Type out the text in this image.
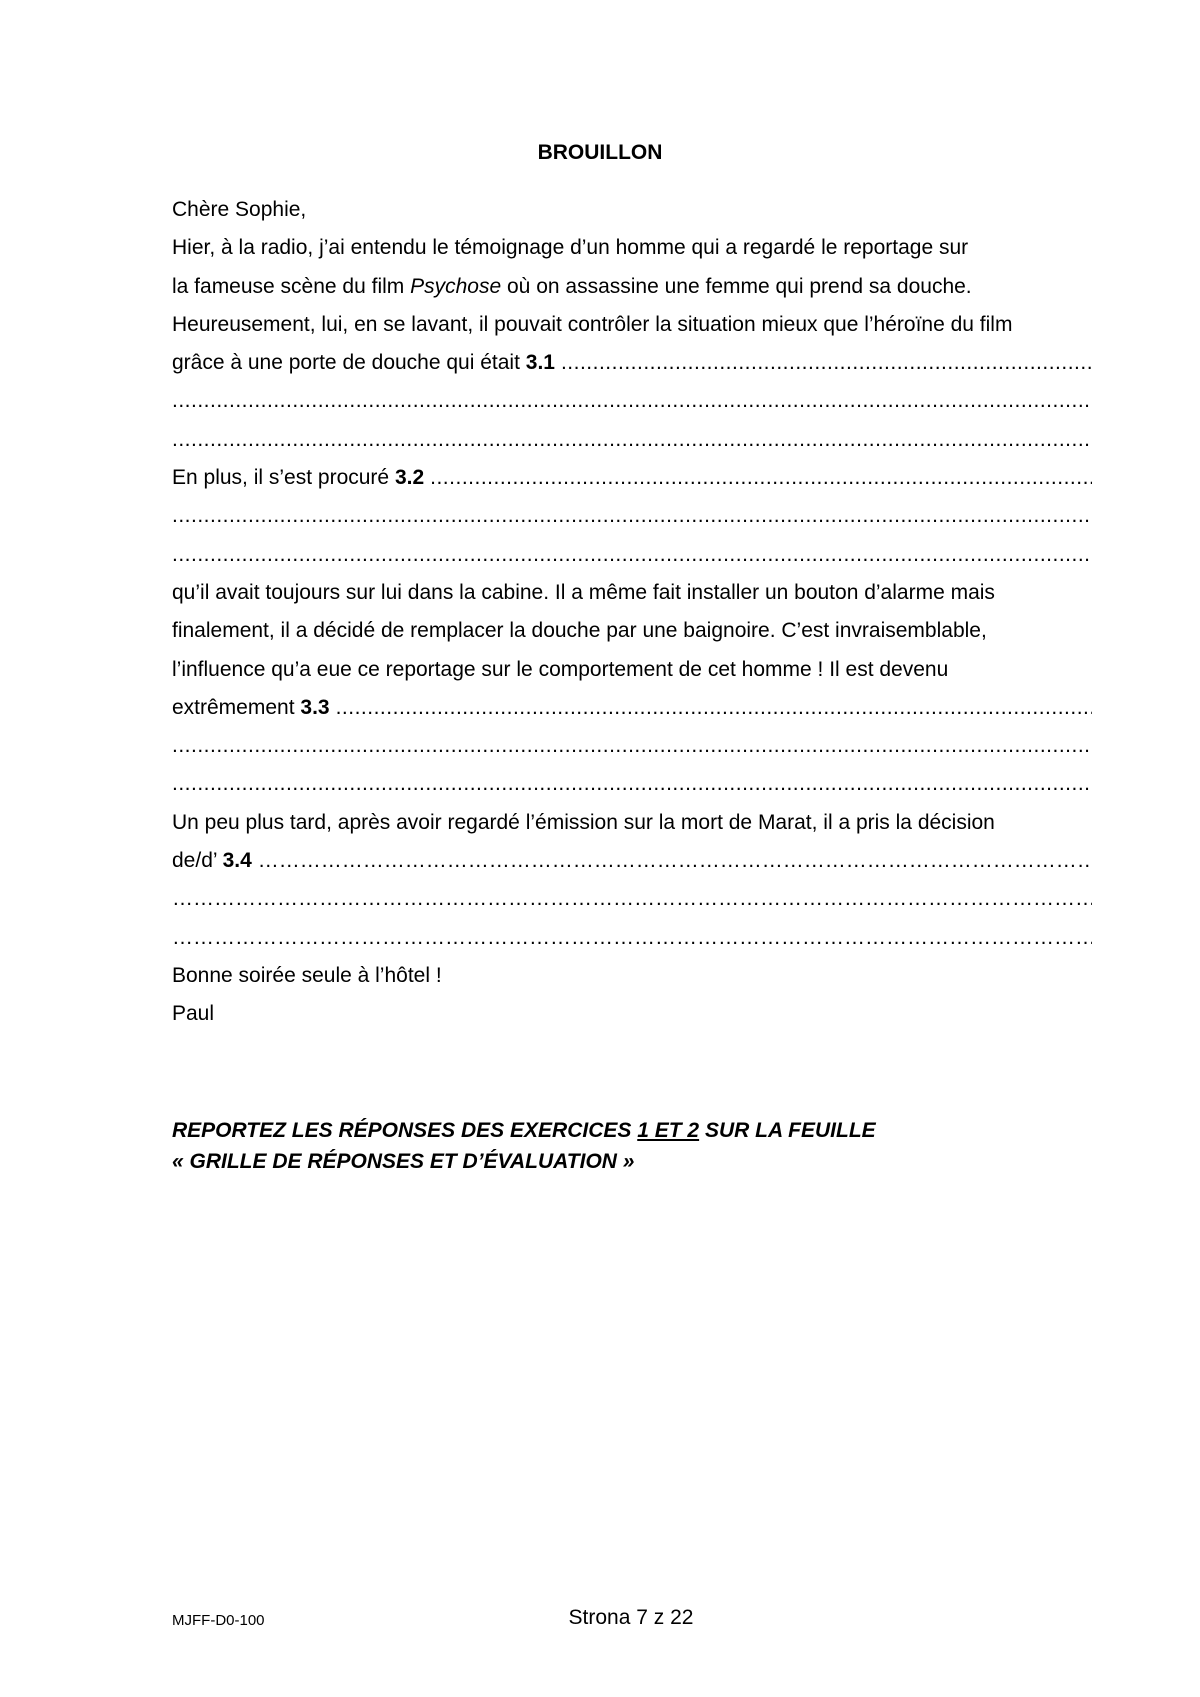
BROUILLON
Chère Sophie,
Hier, à la radio, j’ai entendu le témoignage d’un homme qui a regardé le reportage sur
la fameuse scène du film Psychose où on assassine une femme qui prend sa douche.
Heureusement, lui, en se lavant, il pouvait contrôler la situation mieux que l’héroïne du film
grâce à une porte de douche qui était 3.1
.....
.....
.....
En plus, il s’est procuré 3.2
.....
.....
.....
qu’il avait toujours sur lui dans la cabine. Il a même fait installer un bouton d’alarme mais
finalement, il a décidé de remplacer la douche par une baignoire. C’est invraisemblable,
l’influence qu’a eue ce reportage sur le comportement de cet homme ! Il est devenu
extrêmement 3.3
.....
.....
.....
Un peu plus tard, après avoir regardé l’émission sur la mort de Marat, il a pris la décision
de/d’ 3.4
…………………………………………………………………………………………………………………………………………………………………………………………………………
…………………………………………………………………………………………………………………………………………………………………………………………………………
…………………………………………………………………………………………………………………………………………………………………………………………………………
Bonne soirée seule à l’hôtel !
Paul
REPORTEZ LES RÉPONSES DES EXERCICES 1 ET 2 SUR LA FEUILLE
« GRILLE DE RÉPONSES ET D’ÉVALUATION »
MJFF-D0-100	Strona 7 z 22
